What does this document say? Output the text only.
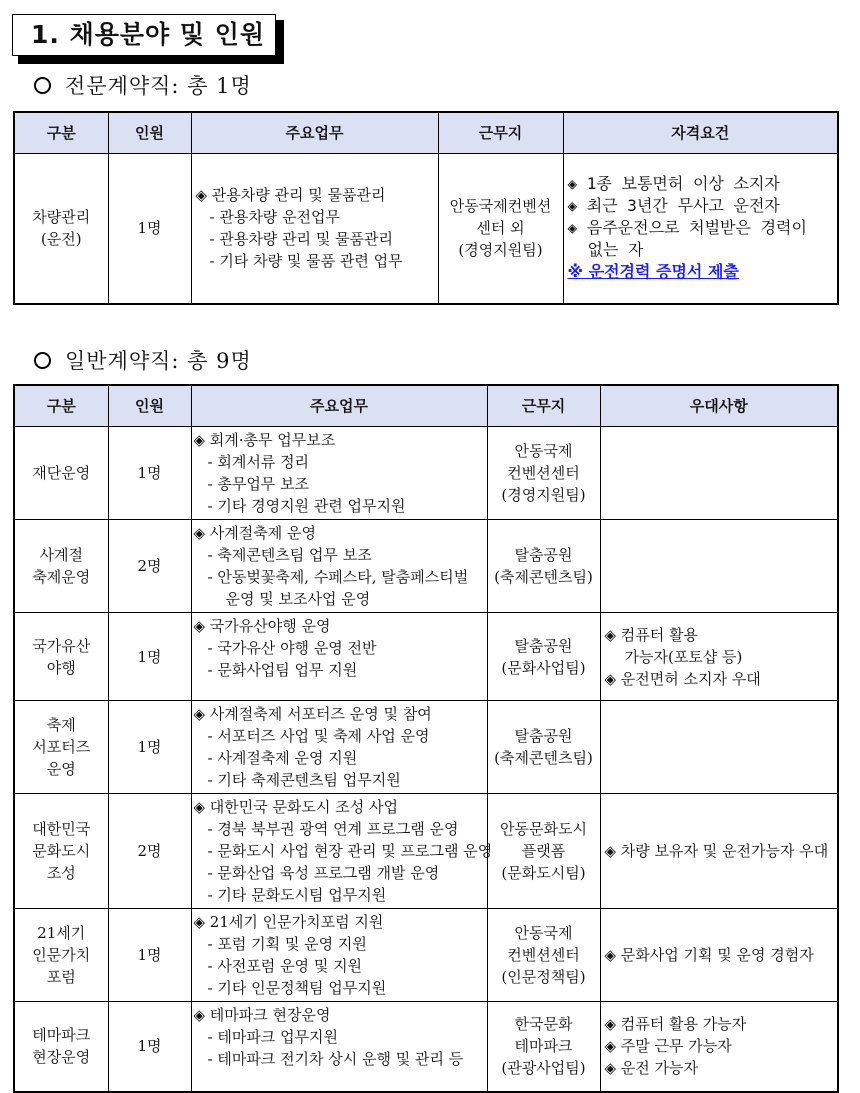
1. 채용분야 및 인원
전문계약직: 총 1명
구분	인원	주요업무	근무지	자격요건

차량관리
(운전)	1명	◈ 관용차량 관리 및 물품관리
- 관용차량 운전업무
- 관용차량 관리 및 물품관리
- 기타 차량 및 물품 관련 업무	안동국제컨벤션
센터 외
(경영지원팀)	◈ 1종 보통면허 이상 소지자
◈ 최근 3년간 무사고 운전자
◈ 음주운전으로 처벌받은 경력이
없는 자
※ 운전경력 증명서 제출
일반계약직: 총 9명
구분	인원	주요업무	근무지	우대사항

재단운영	1명	◈ 회계·총무 업무보조
- 회계서류 정리
- 총무업무 보조
- 기타 경영지원 관련 업무지원	안동국제
컨벤션센터
(경영지원팀)	

사계절
축제운영	2명	◈ 사계절축제 운영
- 축제콘텐츠팀 업무 보조
- 안동벚꽃축제, 수페스타, 탈춤페스티벌
운영 및 보조사업 운영	탈춤공원
(축제콘텐츠팀)	

국가유산
야행	1명	◈ 국가유산야행 운영
- 국가유산 야행 운영 전반
- 문화사업팀 업무 지원	탈춤공원
(문화사업팀)	◈ 컴퓨터 활용
가능자(포토샵 등)
◈ 운전면허 소지자 우대

축제
서포터즈
운영	1명	◈ 사계절축제 서포터즈 운영 및 참여
- 서포터즈 사업 및 축제 사업 운영
- 사계절축제 운영 지원
- 기타 축제콘텐츠팀 업무지원	탈춤공원
(축제콘텐츠팀)	

대한민국
문화도시
조성	2명	◈ 대한민국 문화도시 조성 사업
- 경북 북부권 광역 연계 프로그램 운영
- 문화도시 사업 현장 관리 및 프로그램 운영
- 문화산업 육성 프로그램 개발 운영
- 기타 문화도시팀 업무지원	안동문화도시
플랫폼
(문화도시팀)	◈ 차량 보유자 및 운전가능자 우대

21세기
인문가치
포럼	1명	◈ 21세기 인문가치포럼 지원
- 포럼 기획 및 운영 지원
- 사전포럼 운영 및 지원
- 기타 인문정책팀 업무지원	안동국제
컨벤션센터
(인문정책팀)	◈ 문화사업 기획 및 운영 경험자

테마파크
현장운영	1명	◈ 테마파크 현장운영
- 테마파크 업무지원
- 테마파크 전기차 상시 운행 및 관리 등	한국문화
테마파크
(관광사업팀)	◈ 컴퓨터 활용 가능자
◈ 주말 근무 가능자
◈ 운전 가능자
